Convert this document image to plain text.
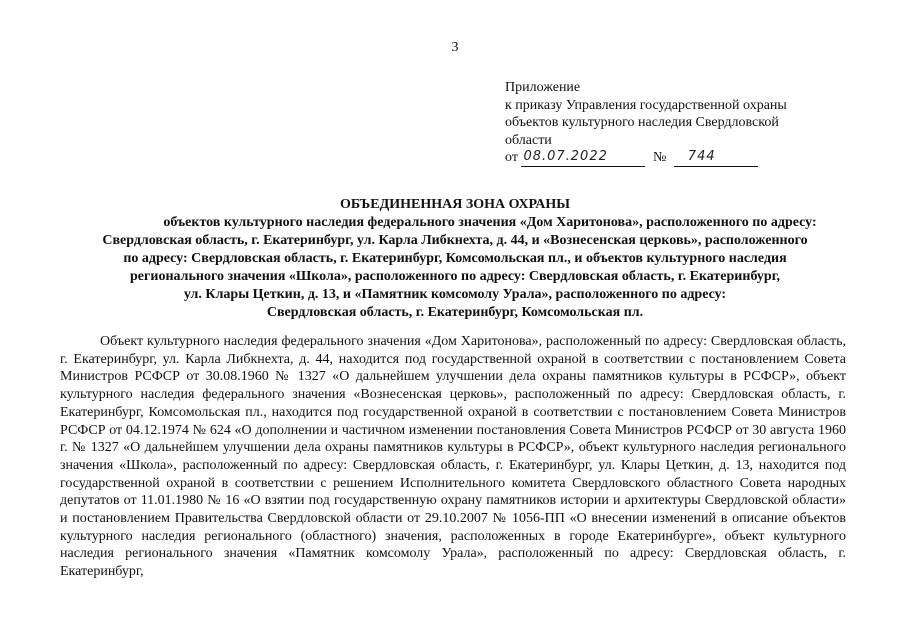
3
Приложение
к приказу Управления государственной охраны
объектов культурного наследия Свердловской
области
от 08.07.2022	№ 744
ОБЪЕДИНЕННАЯ ЗОНА ОХРАНЫ
объектов культурного наследия федерального значения «Дом Харитонова», расположенного по адресу:
Свердловская область, г. Екатеринбург, ул. Карла Либкнехта, д. 44, и «Вознесенская церковь», расположенного
по адресу: Свердловская область, г. Екатеринбург, Комсомольская пл., и объектов культурного наследия
регионального значения «Школа», расположенного по адресу: Свердловская область, г. Екатеринбург,
ул. Клары Цеткин, д. 13, и «Памятник комсомолу Урала», расположенного по адресу:
Свердловская область, г. Екатеринбург, Комсомольская пл.

Объект культурного наследия федерального значения «Дом Харитонова», расположенный по адресу: Свердловская область, г. Екатеринбург, ул. Карла Либкнехта, д. 44, находится под государственной охраной в соответствии с постановлением Совета Министров РСФСР от 30.08.1960 № 1327 «О дальнейшем улучшении дела охраны памятников культуры в РСФСР», объект культурного наследия федерального значения «Вознесенская церковь», расположенный по адресу: Свердловская область, г. Екатеринбург, Комсомольская пл., находится под государственной охраной в соответствии с постановлением Совета Министров РСФСР от 04.12.1974 № 624 «О дополнении и частичном изменении постановления Совета Министров РСФСР от 30 августа 1960 г. № 1327 «О дальнейшем улучшении дела охраны памятников культуры в РСФСР», объект культурного наследия регионального значения «Школа», расположенный по адресу: Свердловская область, г. Екатеринбург, ул. Клары Цеткин, д. 13, находится под государственной охраной в соответствии с решением Исполнительного комитета Свердловского областного Совета народных депутатов от 11.01.1980 № 16 «О взятии под государственную охрану памятников истории и архитектуры Свердловской области» и постановлением Правительства Свердловской области от 29.10.2007 № 1056-ПП «О внесении изменений в описание объектов культурного наследия регионального (областного) значения, расположенных в городе Екатеринбурге», объект культурного наследия регионального значения «Памятник комсомолу Урала», расположенный по адресу: Свердловская область, г. Екатеринбург,
